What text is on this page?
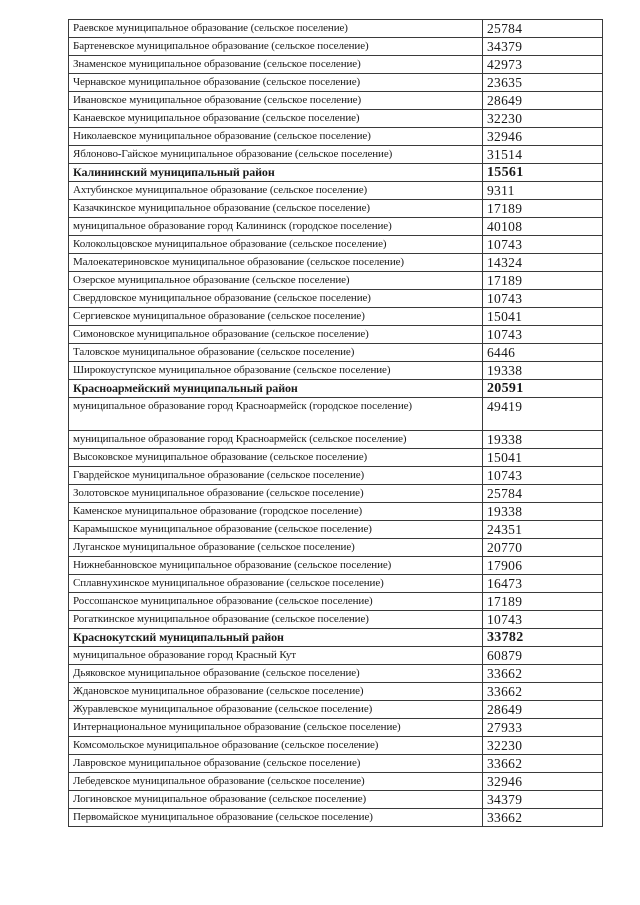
Раевское муниципальное образование (сельское поселение)	25784
Бартеневское муниципальное образование (сельское поселение)	34379
Знаменское муниципальное образование (сельское поселение)	42973
Чернавское муниципальное образование (сельское поселение)	23635
Ивановское муниципальное образование (сельское поселение)	28649
Канаевское муниципальное образование (сельское поселение)	32230
Николаевское муниципальное образование (сельское поселение)	32946
Яблоново-Гайское муниципальное образование (сельское поселение)	31514
Калининский муниципальный район	15561
Ахтубинское муниципальное образование (сельское поселение)	9311
Казачкинское муниципальное образование (сельское поселение)	17189
муниципальное образование город Калининск (городское поселение)	40108
Колокольцовское муниципальное образование (сельское поселение)	10743
Малоекатериновское муниципальное образование (сельское поселение)	14324
Озерское муниципальное образование (сельское поселение)	17189
Свердловское муниципальное образование (сельское поселение)	10743
Сергиевское муниципальное образование (сельское поселение)	15041
Симоновское муниципальное образование (сельское поселение)	10743
Таловское муниципальное образование (сельское поселение)	6446
Широкоуступское муниципальное образование (сельское поселение)	19338
Красноармейский муниципальный район	20591
муниципальное образование город Красноармейск (городское поселение)	49419
муниципальное образование город Красноармейск (сельское поселение)	19338
Высоковское муниципальное образование (сельское поселение)	15041
Гвардейское муниципальное образование (сельское поселение)	10743
Золотовское муниципальное образование (сельское поселение)	25784
Каменское муниципальное образование (городское поселение)	19338
Карамышское муниципальное образование (сельское поселение)	24351
Луганское муниципальное образование (сельское поселение)	20770
Нижнебанновское муниципальное образование (сельское поселение)	17906
Сплавнухинское муниципальное образование (сельское поселение)	16473
Россошанское муниципальное образование (сельское поселение)	17189
Рогаткинское муниципальное образование (сельское поселение)	10743
Краснокутский муниципальный район	33782
муниципальное образование город Красный Кут	60879
Дьяковское муниципальное образование (сельское поселение)	33662
Ждановское муниципальное образование (сельское поселение)	33662
Журавлевское муниципальное образование (сельское поселение)	28649
Интернациональное муниципальное образование (сельское поселение)	27933
Комсомольское муниципальное образование (сельское поселение)	32230
Лавровское муниципальное образование (сельское поселение)	33662
Лебедевское муниципальное образование (сельское поселение)	32946
Логиновское муниципальное образование (сельское поселение)	34379
Первомайское муниципальное образование (сельское поселение)	33662
